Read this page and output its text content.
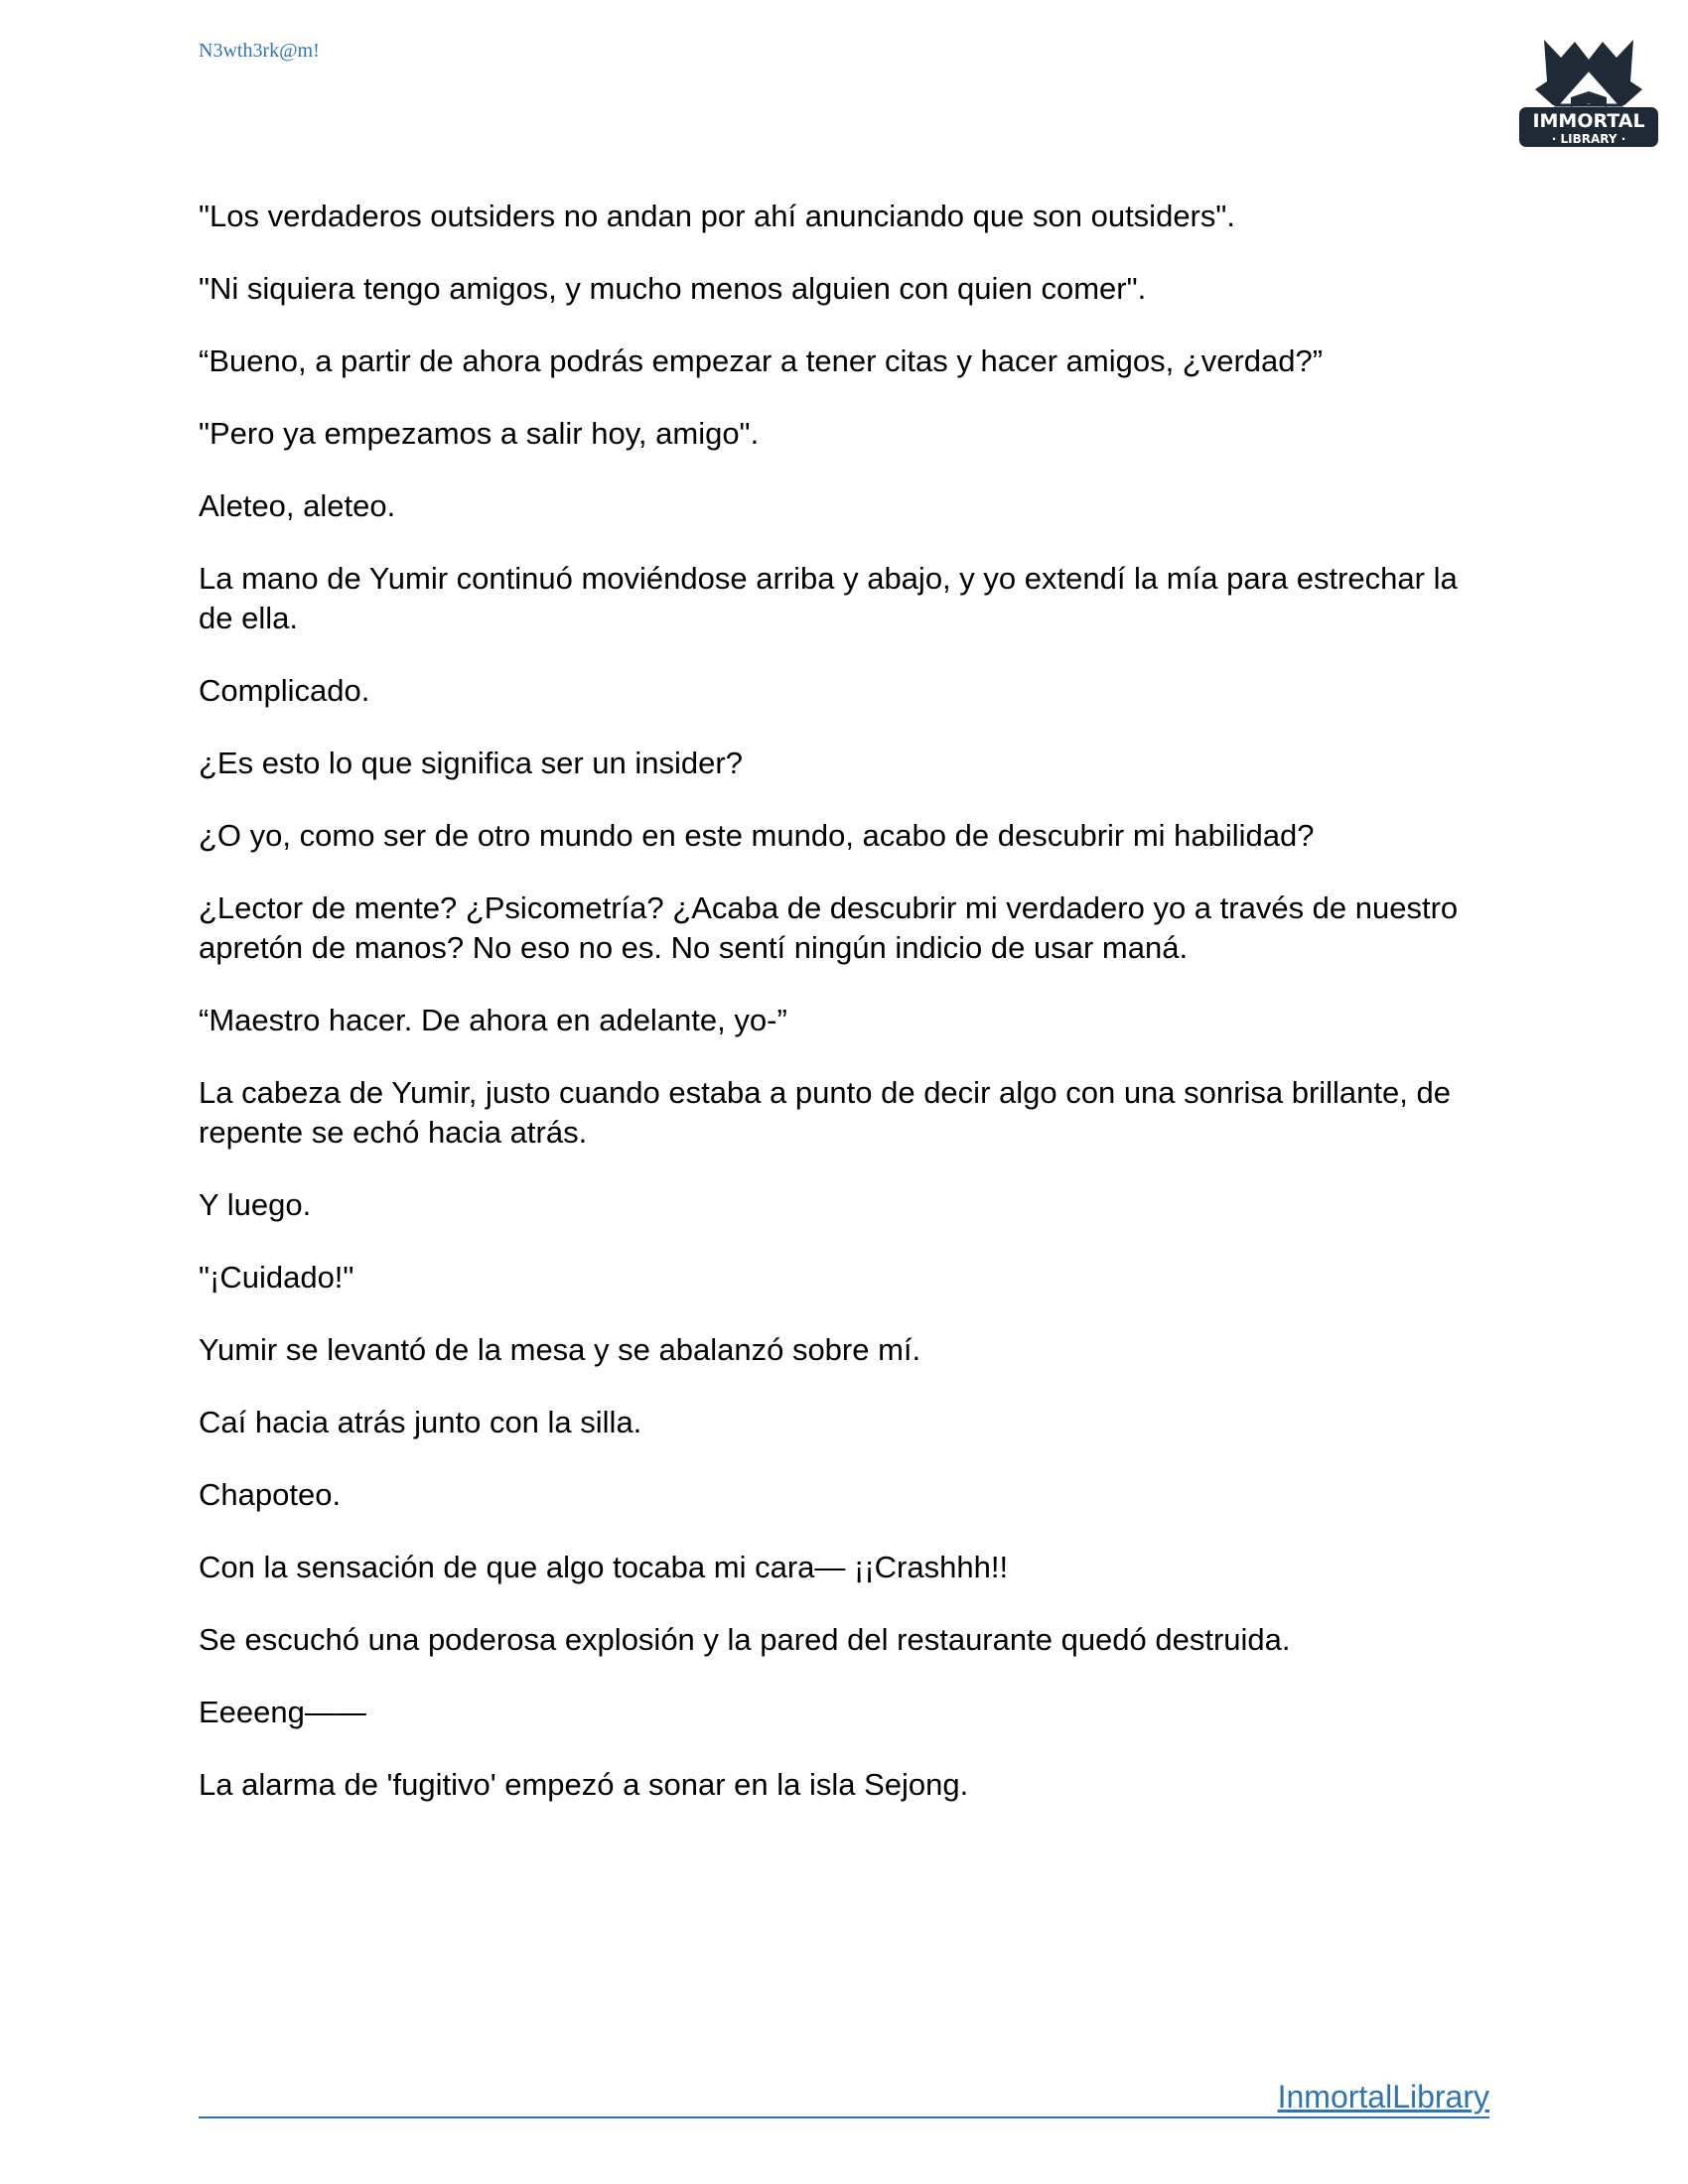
N3wth3rk@m!
IMMORTAL
· LIBRARY ·

"Los verdaderos outsiders no andan por ahí anunciando que son outsiders".

"Ni siquiera tengo amigos, y mucho menos alguien con quien comer".

“Bueno, a partir de ahora podrás empezar a tener citas y hacer amigos, ¿verdad?”

"Pero ya empezamos a salir hoy, amigo".

Aleteo, aleteo.

La mano de Yumir continuó moviéndose arriba y abajo, y yo extendí la mía para estrechar la de ella.

Complicado.

¿Es esto lo que significa ser un insider?

¿O yo, como ser de otro mundo en este mundo, acabo de descubrir mi habilidad?

¿Lector de mente? ¿Psicometría? ¿Acaba de descubrir mi verdadero yo a través de nuestro apretón de manos? No eso no es. No sentí ningún indicio de usar maná.

“Maestro hacer. De ahora en adelante, yo-”

La cabeza de Yumir, justo cuando estaba a punto de decir algo con una sonrisa brillante, de repente se echó hacia atrás.

Y luego.

"¡Cuidado!"

Yumir se levantó de la mesa y se abalanzó sobre mí.

Caí hacia atrás junto con la silla.

Chapoteo.

Con la sensación de que algo tocaba mi cara— ¡¡Crashhh!!

Se escuchó una poderosa explosión y la pared del restaurante quedó destruida.

Eeeeng——

La alarma de 'fugitivo' empezó a sonar en la isla Sejong.

InmortalLibrary
